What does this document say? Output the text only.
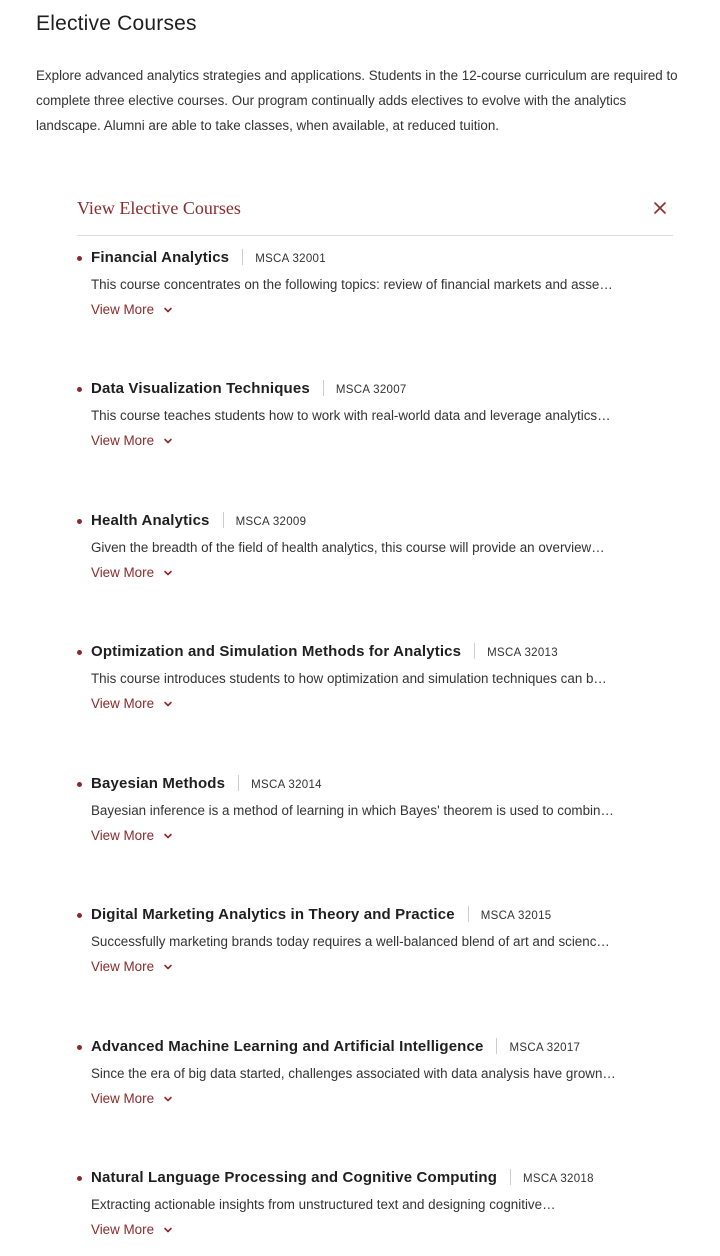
Elective Courses

Explore advanced analytics strategies and applications. Students in the 12-course curriculum are required to complete three elective courses. Our program continually adds electives to evolve with the analytics landscape. Alumni are able to take classes, when available, at reduced tuition.

View Elective Courses
Financial Analytics MSCA 32001
This course concentrates on the following topics: review of financial markets and asse…
View More
Data Visualization Techniques MSCA 32007
This course teaches students how to work with real-world data and leverage analytics…
View More
Health Analytics MSCA 32009
Given the breadth of the field of health analytics, this course will provide an overview…
View More
Optimization and Simulation Methods for Analytics MSCA 32013
This course introduces students to how optimization and simulation techniques can b…
View More
Bayesian Methods MSCA 32014
Bayesian inference is a method of learning in which Bayes' theorem is used to combin…
View More
Digital Marketing Analytics in Theory and Practice MSCA 32015
Successfully marketing brands today requires a well-balanced blend of art and scienc…
View More
Advanced Machine Learning and Artificial Intelligence MSCA 32017
Since the era of big data started, challenges associated with data analysis have grown…
View More
Natural Language Processing and Cognitive Computing MSCA 32018
Extracting actionable insights from unstructured text and designing cognitive…
View More
